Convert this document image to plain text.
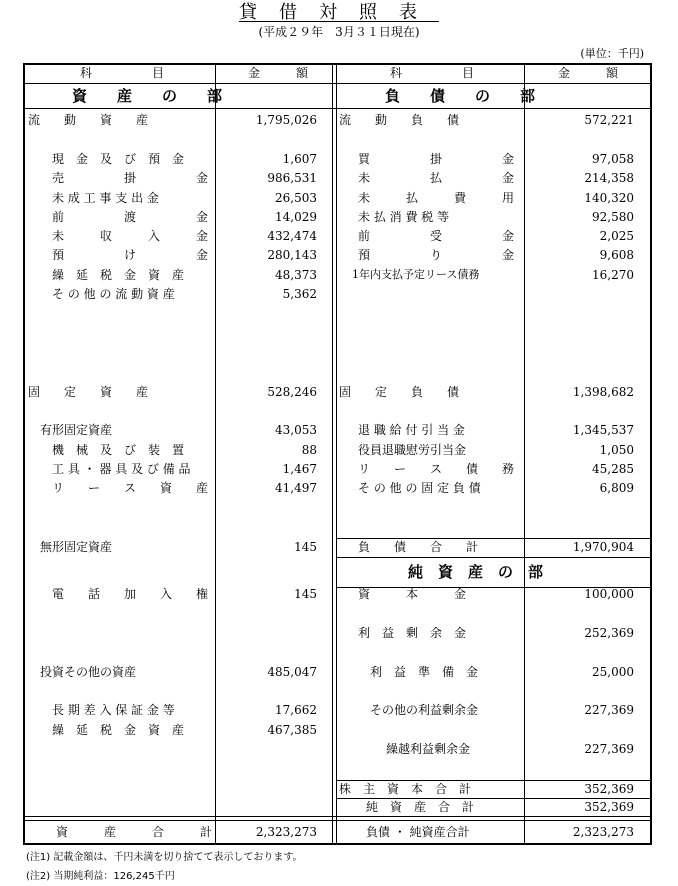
貸借対照表
(平成２９年　3月３１日現在)
(単位：千円)
科　　　　　目	金　　　額	科　　　　　目	金　　　額
資　　産　　の　　部	負　　債　　の　　部
純　資　産　の　部
流　　動　　資　　産	1,795,026
現　金　及　び　預　金	1,607
売　　　　　掛　　　　　金	986,531
未 成 工 事 支 出 金	26,503
前　　　　　渡　　　　　金	14,029
未　　　収　　　入　　　金	432,474
預　　　　　け　　　　　金	280,143
繰　延　税　金　資　産	48,373
そ の 他 の 流 動 資 産	5,362
固　　定　　資　　産	528,246
有形固定資産	43,053
機　械　及　び　装　置	88
工 具 ・ 器 具 及 び 備 品	1,467
リ　　ー　　ス　　資　　産	41,497
無形固定資産	145
電　　話　　加　　入　　権	145
投資その他の資産	485,047
長 期 差 入 保 証 金 等	17,662
繰　延　税　金　資　産	467,385
流　　動　　負　　債	572,221
買　　　　　掛　　　　　金	97,058
未　　　　　払　　　　　金	214,358
未　　　払　　　費　　　用	140,320
未 払 消 費 税 等	92,580
前　　　　　受　　　　　金	2,025
預　　　　　り　　　　　金	9,608
1年内支払予定リース債務	16,270
固　　定　　負　　債	1,398,682
退 職 給 付 引 当 金	1,345,537
役員退職慰労引当金	1,050
リ　　ー　　ス　　債　　務	45,285
そ の 他 の 固 定 負 債	6,809
負　　債　　合　　計	1,970,904
資　　　本　　　金	100,000
利　益　剰　余　金	252,369
利　益　準　備　金	25,000
その他の利益剰余金	227,369
繰越利益剰余金	227,369
株　主　資　本　合　計	352,369
純　資　産　合　計	352,369
資　　　産　　　合　　　計	2,323,273	負債 ・ 純資産合計	2,323,273
(注1) 記載金額は、千円未満を切り捨てて表示しております。
(注2) 当期純利益：126,245千円
